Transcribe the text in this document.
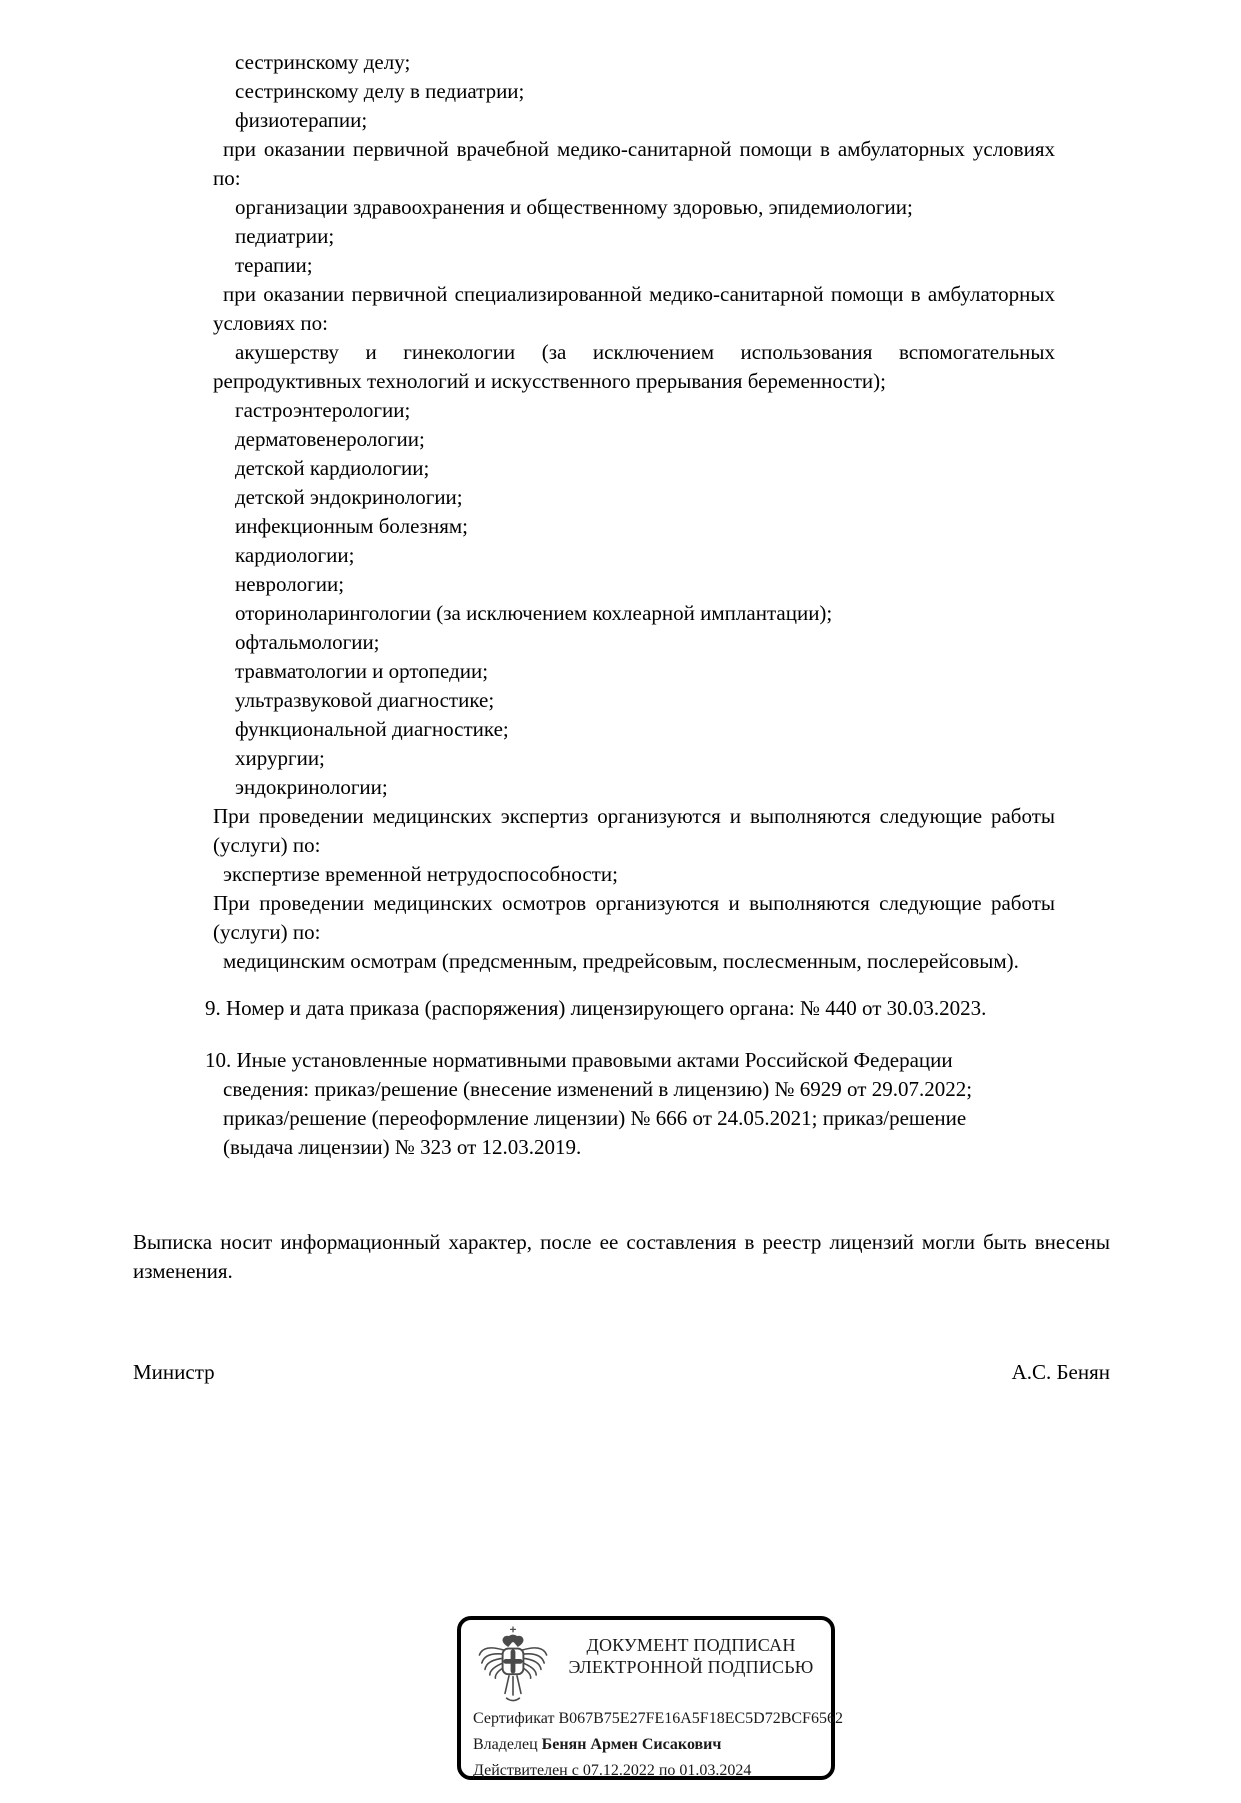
сестринскому делу;

сестринскому делу в педиатрии;

физиотерапии;

при оказании первичной врачебной медико-санитарной помощи в амбулаторных условиях по:

организации здравоохранения и общественному здоровью, эпидемиологии;

педиатрии;

терапии;

при оказании первичной специализированной медико-санитарной помощи в амбулаторных условиях по:

акушерству и гинекологии (за исключением использования вспомогательных репродуктивных технологий и искусственного прерывания беременности);

гастроэнтерологии;

дерматовенерологии;

детской кардиологии;

детской эндокринологии;

инфекционным болезням;

кардиологии;

неврологии;

оториноларингологии (за исключением кохлеарной имплантации);

офтальмологии;

травматологии и ортопедии;

ультразвуковой диагностике;

функциональной диагностике;

хирургии;

эндокринологии;

При проведении медицинских экспертиз организуются и выполняются следующие работы (услуги) по:

экспертизе временной нетрудоспособности;

При проведении медицинских осмотров организуются и выполняются следующие работы (услуги) по:

медицинским осмотрам (предсменным, предрейсовым, послесменным, послерейсовым).

9. Номер и дата приказа (распоряжения) лицензирующего органа: № 440 от 30.03.2023.

10. Иные установленные нормативными правовыми актами Российской Федерации сведения: приказ/решение (внесение изменений в лицензию) № 6929 от 29.07.2022; приказ/решение (переоформление лицензии) № 666 от 24.05.2021; приказ/решение (выдача лицензии) № 323 от 12.03.2019.

Выписка носит информационный характер, после ее составления в реестр лицензий могли быть внесены изменения.

Министр	А.С. Бенян
ДОКУМЕНТ ПОДПИСАН
ЭЛЕКТРОННОЙ ПОДПИСЬЮ
Сертификат B067B75E27FE16A5F18EC5D72BCF6562
Владелец Бенян Армен Сисакович
Действителен с 07.12.2022 по 01.03.2024
